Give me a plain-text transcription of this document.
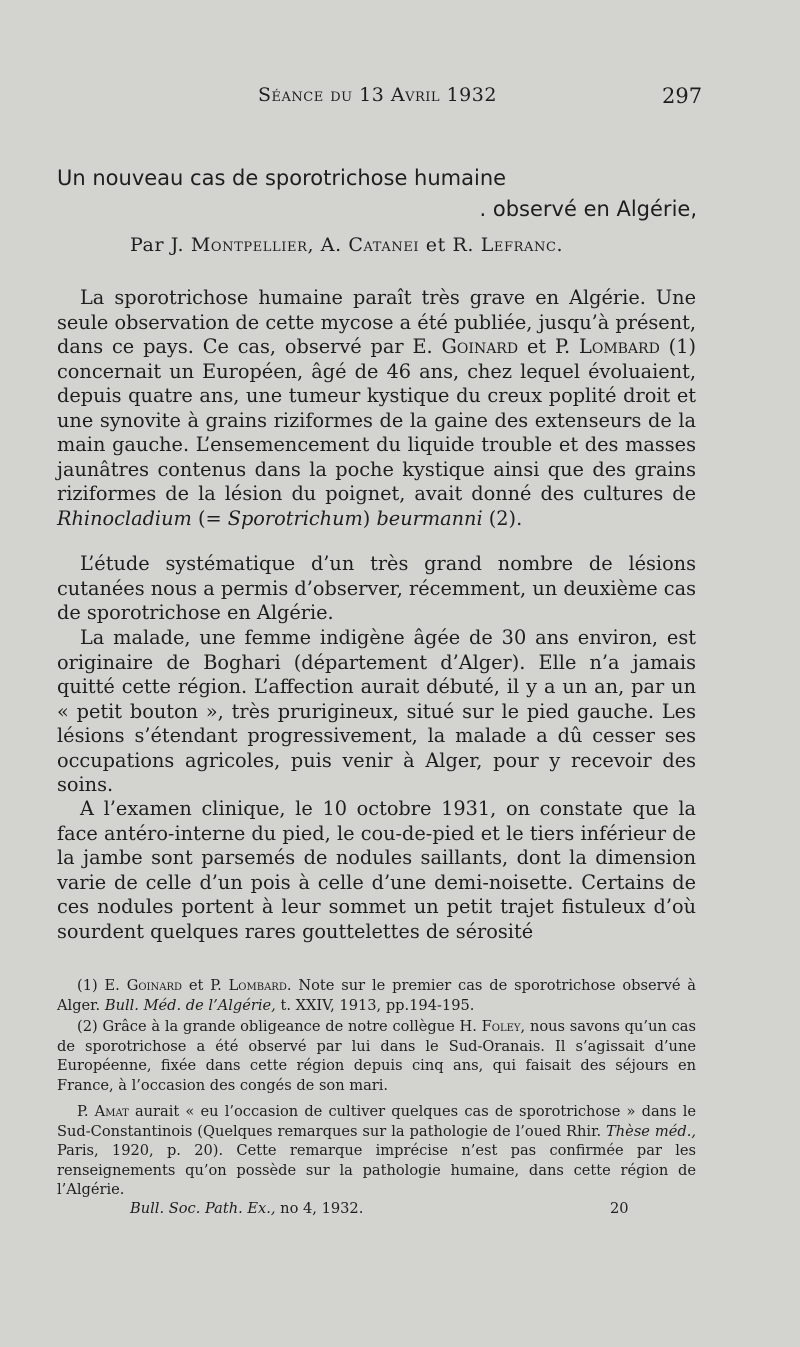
Séance du 13 Avril 1932	297
Un nouveau cas de sporotrichose humaine
. observé en Algérie,
Par J. Montpellier, A. Catanei et R. Lefranc.

La sporotrichose humaine paraît très grave en Algérie. Une seule observation de cette mycose a été publiée, jusqu’à présent, dans ce pays. Ce cas, observé par E. Goinard et P. Lombard (1) concernait un Européen, âgé de 46 ans, chez lequel évoluaient, depuis quatre ans, une tumeur kystique du creux poplité droit et une synovite à grains riziformes de la gaine des extenseurs de la main gauche. L’ensemencement du liquide trouble et des masses jaunâtres contenus dans la poche kystique ainsi que des grains riziformes de la lésion du poignet, avait donné des cultures de Rhinocladium (= Sporotrichum) beurmanni (2).

L’étude systématique d’un très grand nombre de lésions cutanées nous a permis d’observer, récemment, un deuxième cas de sporotrichose en Algérie.

La malade, une femme indigène âgée de 30 ans environ, est originaire de Boghari (département d’Alger). Elle n’a jamais quitté cette région. L’affection aurait débuté, il y a un an, par un « petit bouton », très prurigineux, situé sur le pied gauche. Les lésions s’étendant progressivement, la malade a dû cesser ses occupations agricoles, puis venir à Alger, pour y recevoir des soins.

A l’examen clinique, le 10 octobre 1931, on constate que la face antéro-interne du pied, le cou-de-pied et le tiers inférieur de la jambe sont parsemés de nodules saillants, dont la dimension varie de celle d’un pois à celle d’une demi-noisette. Certains de ces nodules portent à leur sommet un petit trajet fistuleux d’où sourdent quelques rares gouttelettes de sérosité

(1) E. Goinard et P. Lombard. Note sur le premier cas de sporotrichose observé à Alger. Bull. Méd. de l’Algérie, t. XXIV, 1913, pp.194-195.

(2) Grâce à la grande obligeance de notre collègue H. Foley, nous savons qu’un cas de sporotrichose a été observé par lui dans le Sud-Oranais. Il s’agissait d’une Européenne, fixée dans cette région depuis cinq ans, qui faisait des séjours en France, à l’occasion des congés de son mari.

P. Amat aurait « eu l’occasion de cultiver quelques cas de sporotrichose » dans le Sud-Constantinois (Quelques remarques sur la pathologie de l’oued Rhir. Thèse méd., Paris, 1920, p. 20). Cette remarque imprécise n’est pas confirmée par les renseignements qu’on possède sur la pathologie humaine, dans cette région de l’Algérie.

Bull. Soc. Path. Ex., no 4, 1932.	20
